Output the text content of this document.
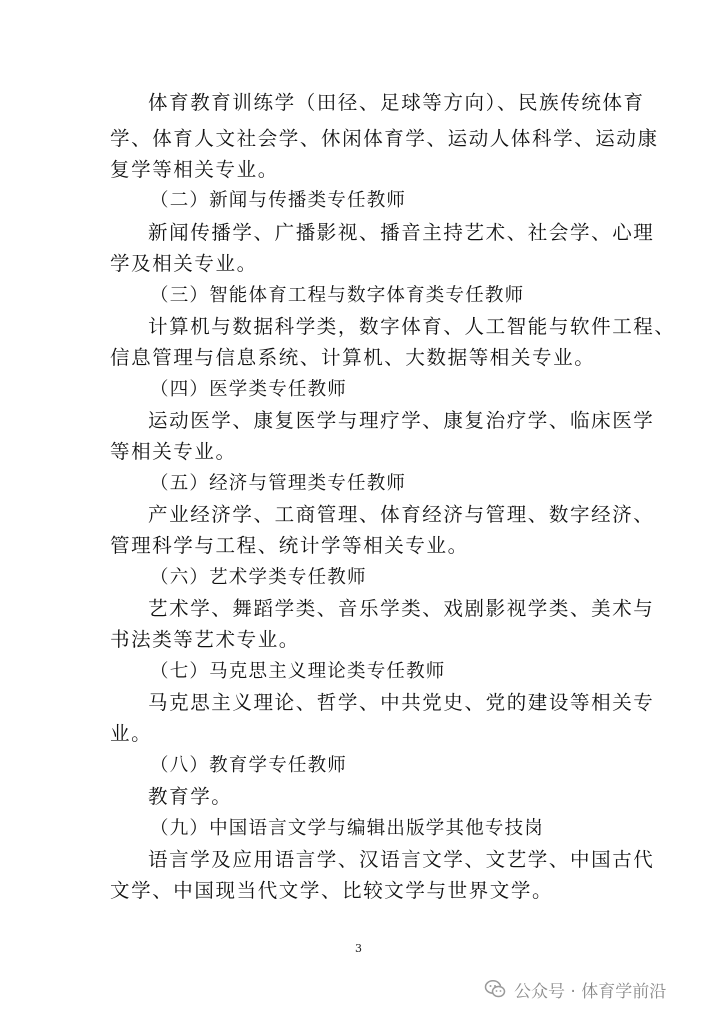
体育教育训练学（田径、足球等方向）、民族传统体育
学、体育人文社会学、休闲体育学、运动人体科学、运动康
复学等相关专业。
（二）新闻与传播类专任教师
新闻传播学、广播影视、播音主持艺术、社会学、心理
学及相关专业。
（三）智能体育工程与数字体育类专任教师
计算机与数据科学类，数字体育、人工智能与软件工程、
信息管理与信息系统、计算机、大数据等相关专业。
（四）医学类专任教师
运动医学、康复医学与理疗学、康复治疗学、临床医学
等相关专业。
（五）经济与管理类专任教师
产业经济学、工商管理、体育经济与管理、数字经济、
管理科学与工程、统计学等相关专业。
（六）艺术学类专任教师
艺术学、舞蹈学类、音乐学类、戏剧影视学类、美术与
书法类等艺术专业。
（七）马克思主义理论类专任教师
马克思主义理论、哲学、中共党史、党的建设等相关专
业。
（八）教育学专任教师
教育学。
（九）中国语言文学与编辑出版学其他专技岗
语言学及应用语言学、汉语言文学、文艺学、中国古代
文学、中国现当代文学、比较文学与世界文学。
3
公众号 · 体育学前沿
